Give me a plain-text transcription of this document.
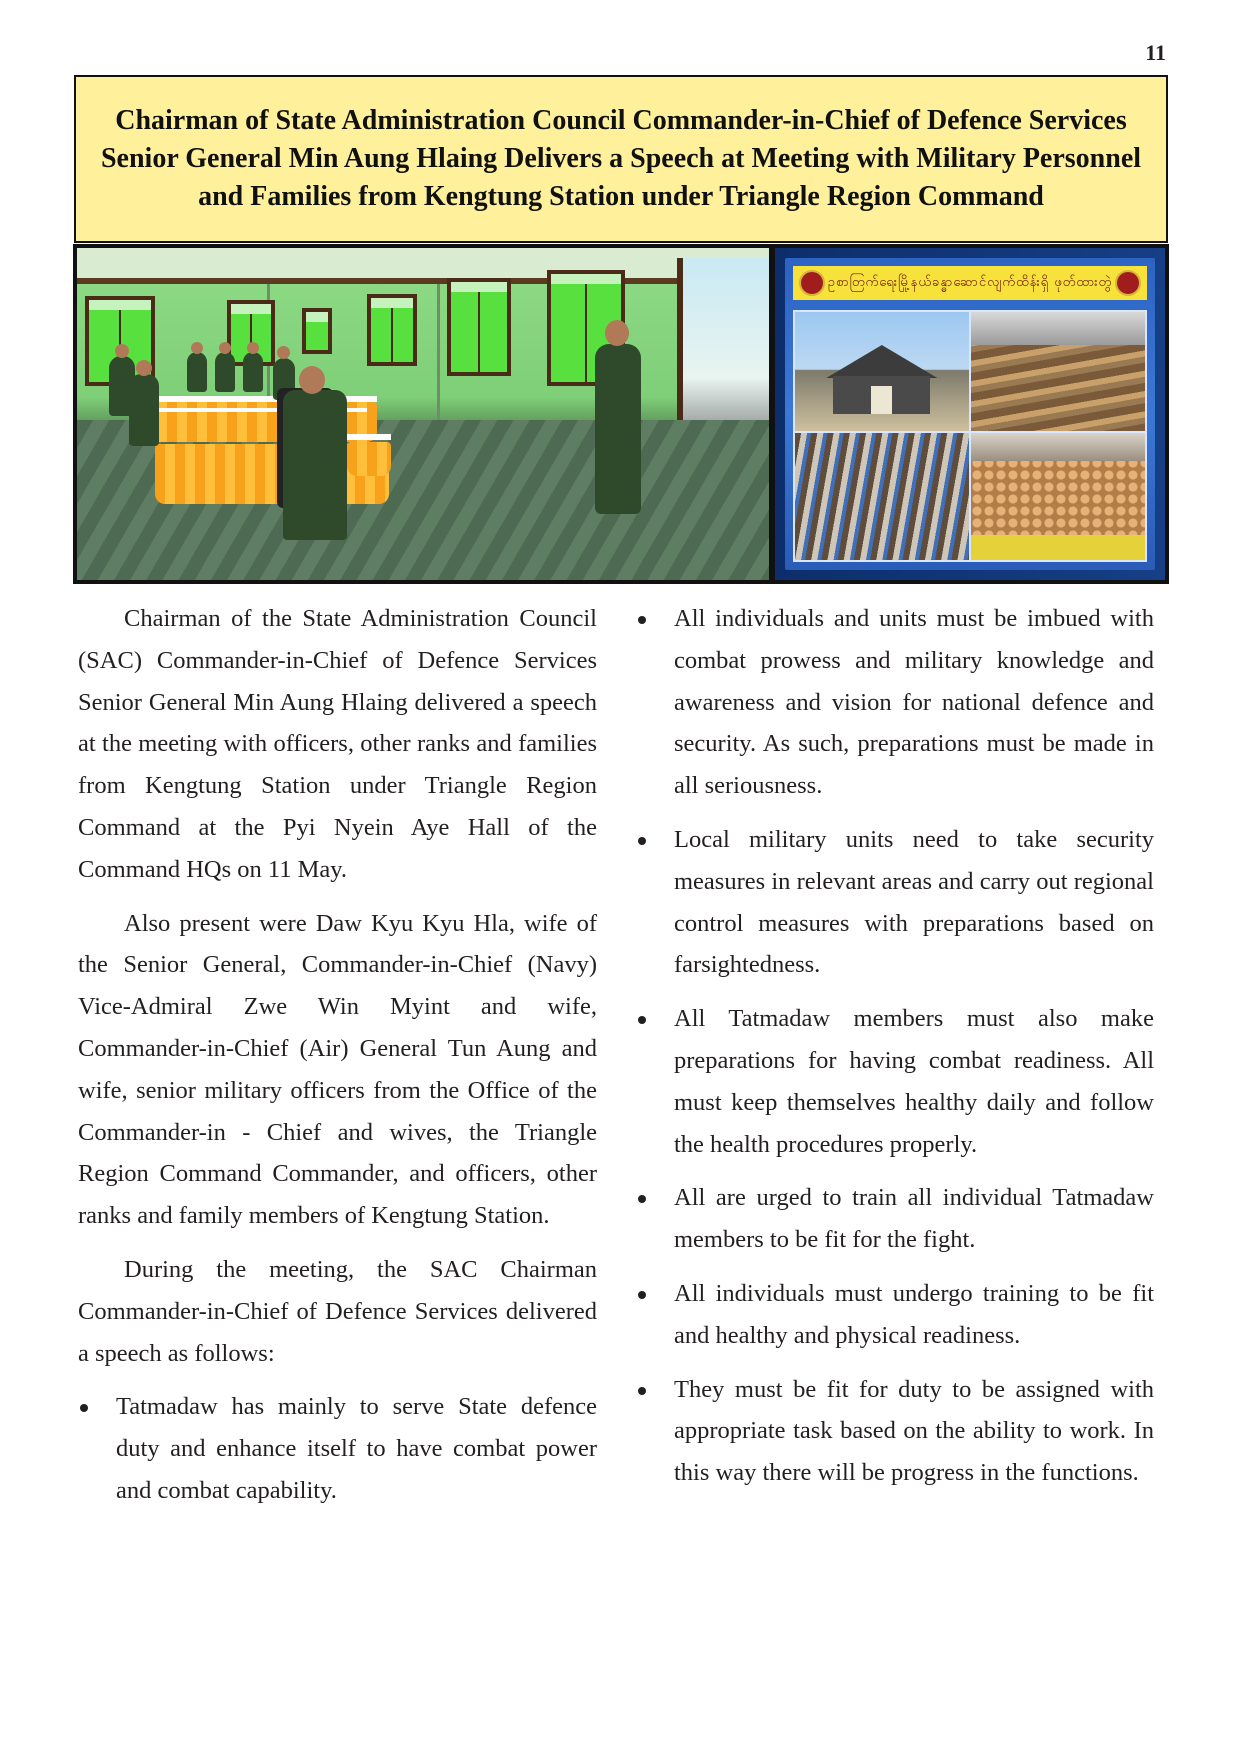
11
Chairman of State Administration Council Commander-in-Chief of Defence Services Senior General Min Aung Hlaing Delivers a Speech at Meeting with Military Personnel and Families from Kengtung Station under Triangle Region Command
ဥစာတြက်ရေးမြို့နယ်ခန္ဓာဆောင်လျက်ထိန်းရှိ ဖုတ်ထားတွဲ

Chairman of the State Administration Council (SAC) Commander-in-Chief of Defence Services Senior General Min Aung Hlaing delivered a speech at the meeting with officers, other ranks and families from Kengtung Station under Triangle Region Command at the Pyi Nyein Aye Hall of the Command HQs on 11 May.

Also present were Daw Kyu Kyu Hla, wife of the Senior General, Commander-in-Chief (Navy) Vice-Admiral Zwe Win Myint and wife, Commander-in-Chief (Air) General Tun Aung and wife, senior military officers from the Office of the Commander-in - Chief and wives, the Triangle Region Command Commander, and officers, other ranks and family members of Kengtung Station.

During the meeting, the SAC Chairman Commander-in-Chief of Defence Services delivered a speech as follows:

Tatmadaw has mainly to serve State defence duty and enhance itself to have combat power and combat capability.
All individuals and units must be imbued with combat prowess and military knowledge and awareness and vision for national defence and security. As such, preparations must be made in all seriousness.
Local military units need to take security measures in relevant areas and carry out regional control measures with preparations based on farsightedness.
All Tatmadaw members must also make preparations for having combat readiness. All must keep themselves healthy daily and follow the health procedures properly.
All are urged to train all individual Tatmadaw members to be fit for the fight.
All individuals must undergo training to be fit and healthy and physical readiness.
They must be fit for duty to be assigned with appropriate task based on the ability to work. In this way there will be progress in the functions.
